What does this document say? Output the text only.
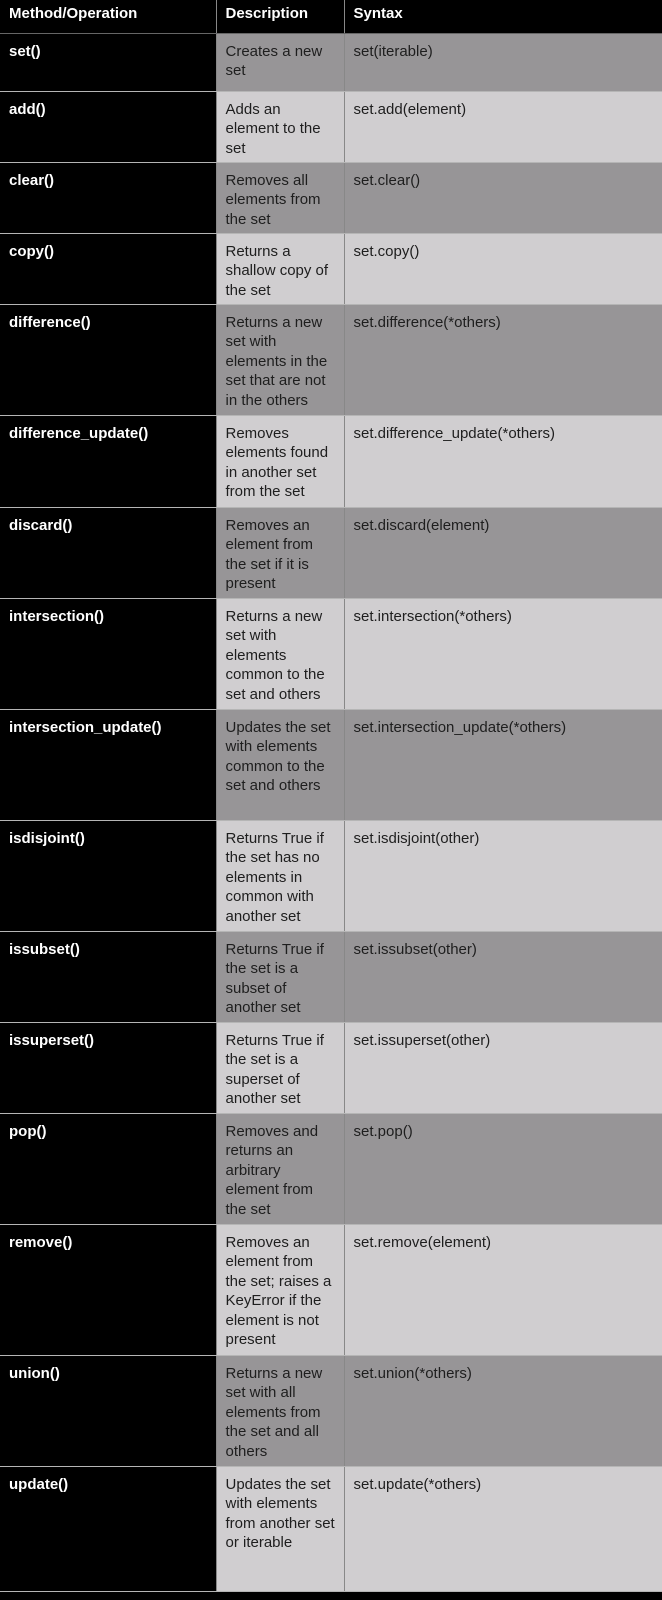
Method/Operation	Description	Syntax
set()	Creates a new set	set(iterable)
add()	Adds an element to the set	set.add(element)
clear()	Removes all elements from the set	set.clear()
copy()	Returns a shallow copy of the set	set.copy()
difference()	Returns a new set with elements in the set that are not in the others	set.difference(*others)
difference_update()	Removes elements found in another set from the set	set.difference_update(*others)
discard()	Removes an element from the set if it is present	set.discard(element)
intersection()	Returns a new set with elements common to the set and others	set.intersection(*others)
intersection_update()	Updates the set with elements common to the set and others	set.intersection_update(*others)
isdisjoint()	Returns True if the set has no elements in common with another set	set.isdisjoint(other)
issubset()	Returns True if the set is a subset of another set	set.issubset(other)
issuperset()	Returns True if the set is a superset of another set	set.issuperset(other)
pop()	Removes and returns an arbitrary element from the set	set.pop()
remove()	Removes an element from the set; raises a KeyError if the element is not present	set.remove(element)
union()	Returns a new set with all elements from the set and all others	set.union(*others)
update()	Updates the set with elements from another set or iterable	set.update(*others)
